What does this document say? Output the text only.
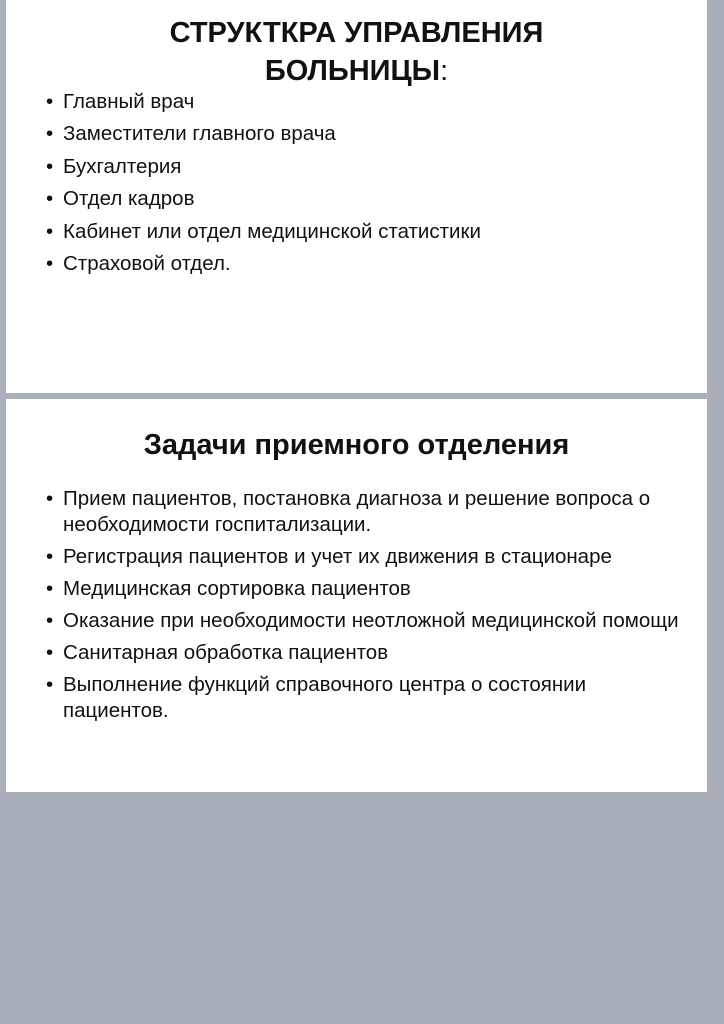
СТРУКТКРА УПРАВЛЕНИЯ
БОЛЬНИЦЫ:
• Главный врач
• Заместители главного врача
• Бухгалтерия
• Отдел кадров
• Кабинет или отдел медицинской статистики
• Страховой отдел.
Задачи приемного отделения
• Прием пациентов, постановка диагноза и решение вопроса о необходимости госпитализации.
• Регистрация пациентов и учет их движения в стационаре
• Медицинская сортировка пациентов
• Оказание при необходимости неотложной медицинской помощи
• Санитарная обработка пациентов
• Выполнение функций справочного центра о состоянии пациентов.
